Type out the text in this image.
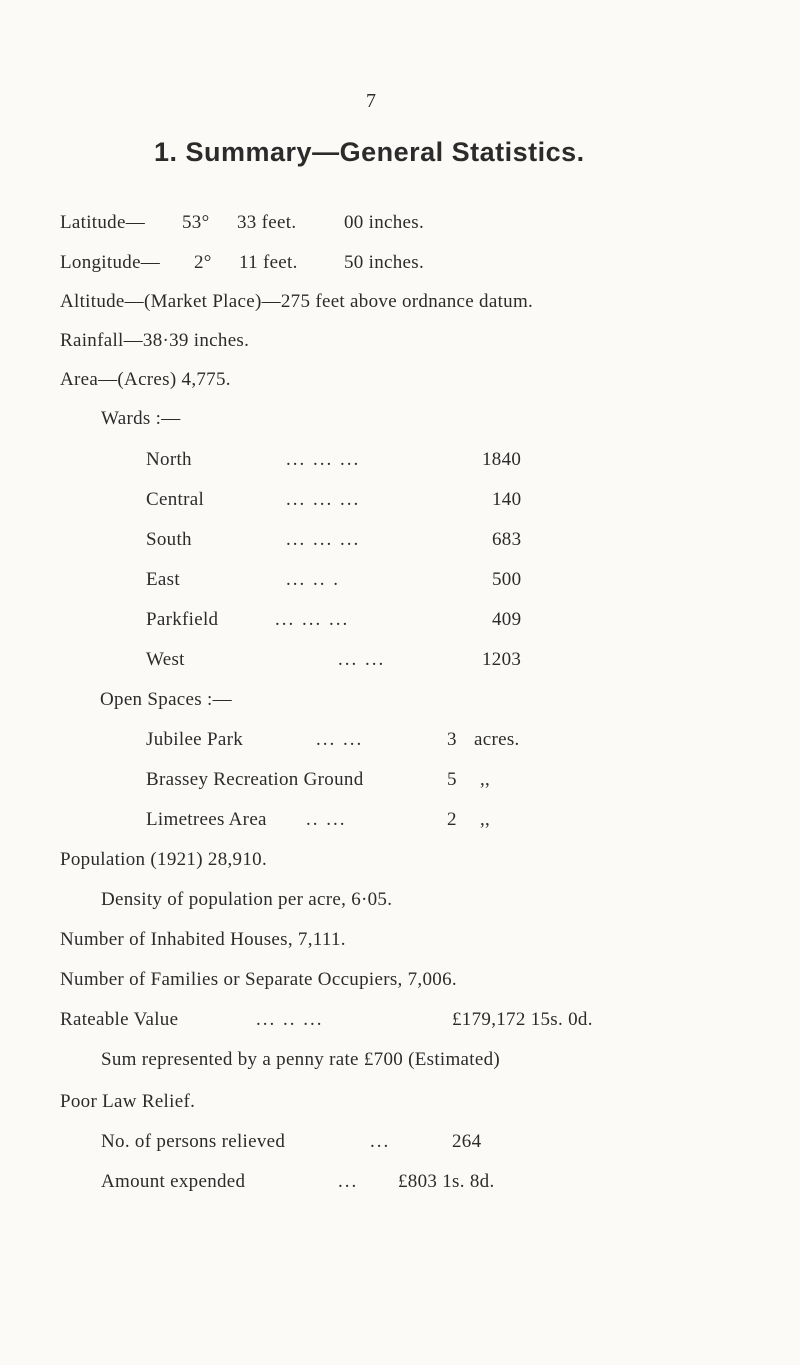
7
1. Summary—General Statistics.
Latitude— 53° 33 feet.	00 inches.
Longitude— 2° 11 feet. 50 inches.
Altitude—(Market Place)—275 feet above ordnance datum.
Rainfall—38·39 inches.
Area—(Acres) 4,775.
Wards :—
North	... ... ...	1840
Central	... ... ...	140
South	... ... ...	683
East	... .. .	500
Parkfield	... ... ...	409
West	... ...	1203
Open Spaces :—
Jubilee Park	... ...	3 acres.
Brassey Recreation Ground	5 ,,
Limetrees Area .. ...	2 ,,
Population (1921) 28,910.
Density of population per acre, 6·05.
Number of Inhabited Houses, 7,111.
Number of Families or Separate Occupiers, 7,006.
Rateable Value	... .. ...	£179,172 15s. 0d.
Sum represented by a penny rate £700 (Estimated)
Poor Law Relief.
No. of persons relieved	...	264
Amount expended	... £803 1s. 8d.
